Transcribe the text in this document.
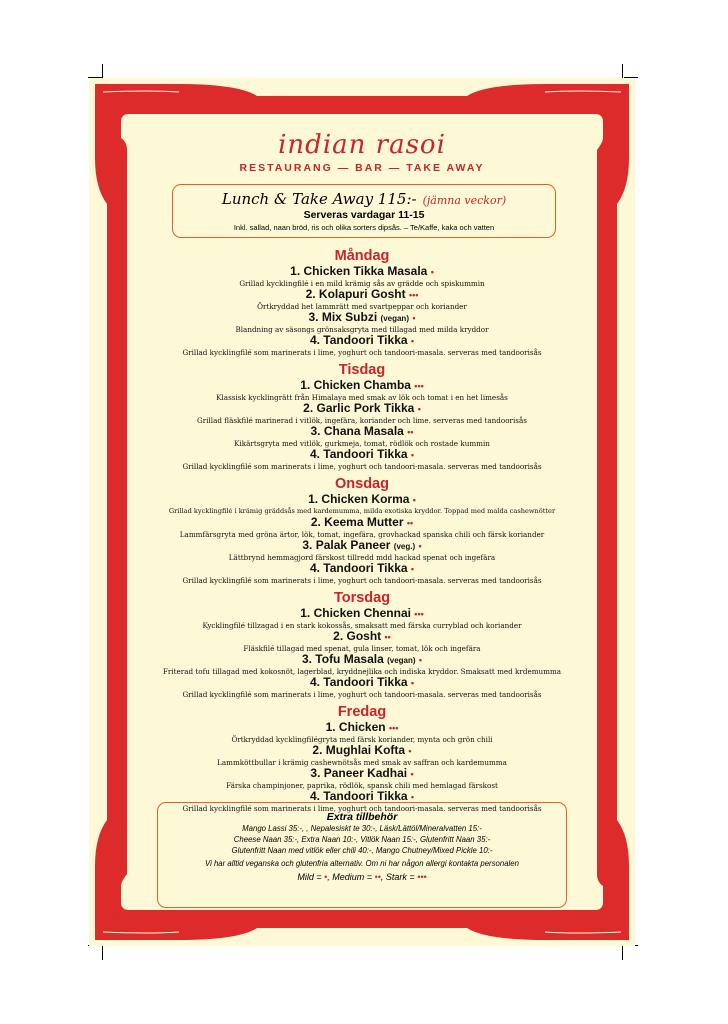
indian rasoi
RESTAURANG — BAR — TAKE AWAY
Lunch & Take Away 115:- (jämna veckor)
Serveras vardagar 11-15
Inkl. sallad, naan bröd, ris och olika sorters dipsås. – Te/Kaffe, kaka och vatten
Måndag
1. Chicken Tikka Masala •
Grillad kycklingfilé i en mild krämig sås av grädde och spiskummin
2. Kolapuri Gosht •••
Örtkryddad het lammrätt med svartpeppar och koriander
3. Mix Subzi (vegan) •
Blandning av säsongs grönsaksgryta med tillagad med milda kryddor
4. Tandoori Tikka •
Grillad kycklingfilé som marinerats i lime, yoghurt och tandoori-masala. serveras med tandoorisås
Tisdag
1. Chicken Chamba •••
Klassisk kycklingrätt från Himalaya med smak av lök och tomat i en het limesås
2. Garlic Pork Tikka •
Grillad fläskfilé marinerad i vitlök, ingefära, koriander och lime. serveras med tandoorisås
3. Chana Masala ••
Kikärtsgryta med vitlök, gurkmeja, tomat, rödlök och rostade kummin
4. Tandoori Tikka •
Grillad kycklingfilé som marinerats i lime, yoghurt och tandoori-masala. serveras med tandoorisås
Onsdag
1. Chicken Korma •
Grillad kycklingfilé i krämig gräddsås med kardemumma, milda exotiska kryddor. Toppad med malda cashewnötter
2. Keema Mutter ••
Lammfärsgryta med gröna ärtor, lök, tomat, ingefära, grovhackad spanska chili och färsk koriander
3. Palak Paneer (veg.) •
Lättbrynd hemmagjord färskost tillredd mdd hackad spenat och ingefära
4. Tandoori Tikka •
Grillad kycklingfilé som marinerats i lime, yoghurt och tandoori-masala. serveras med tandoorisås
Torsdag
1. Chicken Chennai •••
Kycklingfilé tillzagad i en stark kokossås, smaksatt med färska curryblad och koriander
2. Gosht ••
Fläskfilé tillagad med spenat, gula linser, tomat, lök och ingefära
3. Tofu Masala (vegan) •
Friterad tofu tillagad med kokosnöt, lagerblad, kryddnejlika och indiska kryddor. Smaksatt med krdemumma
4. Tandoori Tikka •
Grillad kycklingfilé som marinerats i lime, yoghurt och tandoori-masala. serveras med tandoorisås
Fredag
1. Chicken •••
Örtkryddad kycklingfilégryta med färsk koriander, mynta och grön chili
2. Mughlai Kofta •
Lammköttbullar i krämig cashewnötsås med smak av saffran och kardemumma
3. Paneer Kadhai •
Färska champinjoner, paprika, rödlök, spansk chili med hemlagad färskost
4. Tandoori Tikka •
Grillad kycklingfilé som marinerats i lime, yoghurt och tandoori-masala. serveras med tandoorisås
Extra tillbehör
Mango Lassi 35:-, , Nepalesiskt te 30:-, Läsk/Lättöl/Mineralvatten 15:-
Cheese Naan 35:-, Extra Naan 10:-, Vitlök Naan 15:-, Glutenfritt Naan 35:-
Glutenfritt Naan med vitlök eller chili 40:-, Mango Chutney/Mixed Pickle 10:-
Vi har alltid veganska och glutenfria alternativ. Om ni har någon allergi kontakta personalen
Mild = •, Medium = ••, Stark = •••
